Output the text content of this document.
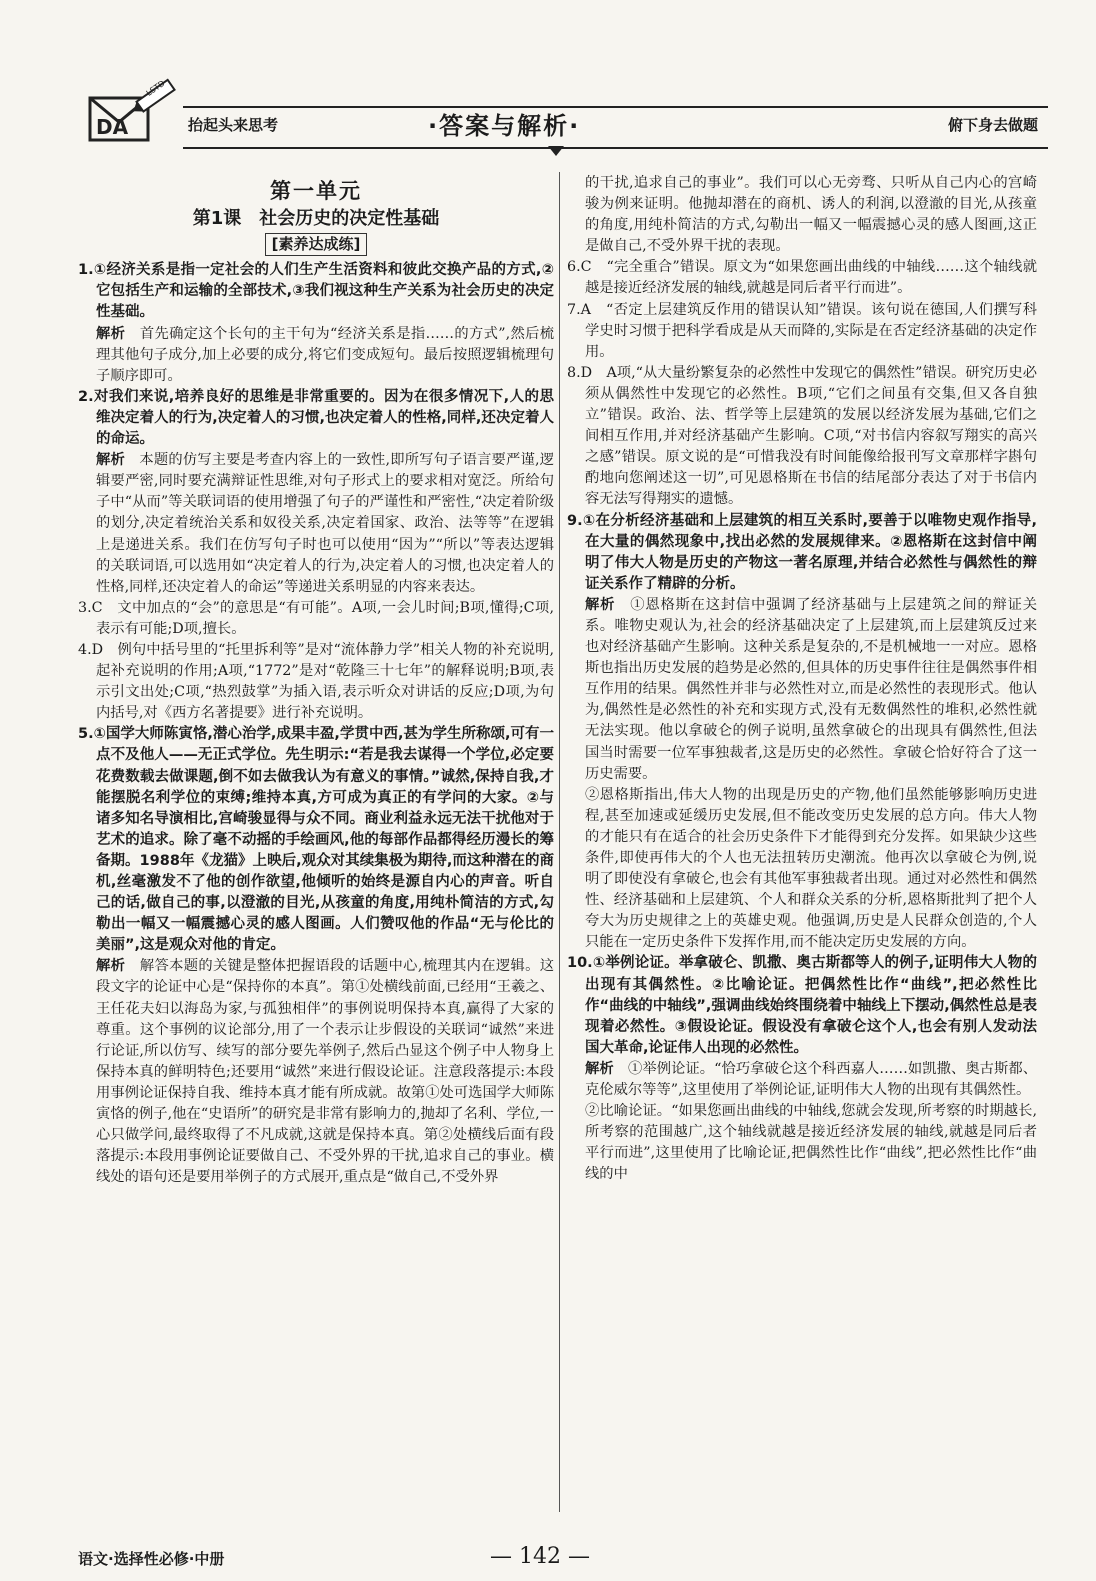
DA
LSTD
抬起头来思考	·答案与解析·	俯下身去做题
第一单元
第1课　社会历史的决定性基础
[素养达成练]

1.①经济关系是指一定社会的人们生产生活资料和彼此交换产品的方式,②它包括生产和运输的全部技术,③我们视这种生产关系为社会历史的决定性基础。

解析　首先确定这个长句的主干句为“经济关系是指……的方式”,然后梳理其他句子成分,加上必要的成分,将它们变成短句。最后按照逻辑梳理句子顺序即可。

2.对我们来说,培养良好的思维是非常重要的。因为在很多情况下,人的思维决定着人的行为,决定着人的习惯,也决定着人的性格,同样,还决定着人的命运。

解析　本题的仿写主要是考查内容上的一致性,即所写句子语言要严谨,逻辑要严密,同时要充满辩证性思维,对句子形式上的要求相对宽泛。所给句子中“从而”等关联词语的使用增强了句子的严谨性和严密性,“决定着阶级的划分,决定着统治关系和奴役关系,决定着国家、政治、法等等”在逻辑上是递进关系。我们在仿写句子时也可以使用“因为”“所以”等表达逻辑的关联词语,可以选用如“决定着人的行为,决定着人的习惯,也决定着人的性格,同样,还决定着人的命运”等递进关系明显的内容来表达。

3.C　文中加点的“会”的意思是“有可能”。A项,一会儿时间;B项,懂得;C项,表示有可能;D项,擅长。

4.D　例句中括号里的“托里拆利等”是对“流体静力学”相关人物的补充说明,起补充说明的作用;A项,“1772”是对“乾隆三十七年”的解释说明;B项,表示引文出处;C项,“热烈鼓掌”为插入语,表示听众对讲话的反应;D项,为句内括号,对《西方名著提要》进行补充说明。

5.①国学大师陈寅恪,潜心治学,成果丰盈,学贯中西,甚为学生所称颂,可有一点不及他人——无正式学位。先生明示:“若是我去谋得一个学位,必定要花费数载去做课题,倒不如去做我认为有意义的事情。”诚然,保持自我,才能摆脱名利学位的束缚;维持本真,方可成为真正的有学问的大家。②与诸多知名导演相比,宫崎骏显得与众不同。商业利益永远无法干扰他对于艺术的追求。除了毫不动摇的手绘画风,他的每部作品都得经历漫长的筹备期。1988年《龙猫》上映后,观众对其续集极为期待,而这种潜在的商机,丝毫激发不了他的创作欲望,他倾听的始终是源自内心的声音。听自己的话,做自己的事,以澄澈的目光,从孩童的角度,用纯朴简洁的方式,勾勒出一幅又一幅震撼心灵的感人图画。人们赞叹他的作品“无与伦比的美丽”,这是观众对他的肯定。

解析　解答本题的关键是整体把握语段的话题中心,梳理其内在逻辑。这段文字的论证中心是“保持你的本真”。第①处横线前面,已经用“王羲之、王任花夫妇以海岛为家,与孤独相伴”的事例说明保持本真,赢得了大家的尊重。这个事例的议论部分,用了一个表示让步假设的关联词“诚然”来进行论证,所以仿写、续写的部分要先举例子,然后凸显这个例子中人物身上保持本真的鲜明特色;还要用“诚然”来进行假设论证。注意段落提示:本段用事例论证保持自我、维持本真才能有所成就。故第①处可选国学大师陈寅恪的例子,他在“史语所”的研究是非常有影响力的,抛却了名利、学位,一心只做学问,最终取得了不凡成就,这就是保持本真。第②处横线后面有段落提示:本段用事例论证要做自己、不受外界的干扰,追求自己的事业。横线处的语句还是要用举例子的方式展开,重点是“做自己,不受外界

的干扰,追求自己的事业”。我们可以心无旁骛、只听从自己内心的宫崎骏为例来证明。他抛却潜在的商机、诱人的利润,以澄澈的目光,从孩童的角度,用纯朴简洁的方式,勾勒出一幅又一幅震撼心灵的感人图画,这正是做自己,不受外界干扰的表现。

6.C　“完全重合”错误。原文为“如果您画出曲线的中轴线……这个轴线就越是接近经济发展的轴线,就越是同后者平行而进”。

7.A　“否定上层建筑反作用的错误认知”错误。该句说在德国,人们撰写科学史时习惯于把科学看成是从天而降的,实际是在否定经济基础的决定作用。

8.D　A项,“从大量纷繁复杂的必然性中发现它的偶然性”错误。研究历史必须从偶然性中发现它的必然性。B项,“它们之间虽有交集,但又各自独立”错误。政治、法、哲学等上层建筑的发展以经济发展为基础,它们之间相互作用,并对经济基础产生影响。C项,“对书信内容叙写翔实的高兴之感”错误。原文说的是“可惜我没有时间能像给报刊写文章那样字斟句酌地向您阐述这一切”,可见恩格斯在书信的结尾部分表达了对于书信内容无法写得翔实的遗憾。

9.①在分析经济基础和上层建筑的相互关系时,要善于以唯物史观作指导,在大量的偶然现象中,找出必然的发展规律来。②恩格斯在这封信中阐明了伟大人物是历史的产物这一著名原理,并结合必然性与偶然性的辩证关系作了精辟的分析。

解析　①恩格斯在这封信中强调了经济基础与上层建筑之间的辩证关系。唯物史观认为,社会的经济基础决定了上层建筑,而上层建筑反过来也对经济基础产生影响。这种关系是复杂的,不是机械地一一对应。恩格斯也指出历史发展的趋势是必然的,但具体的历史事件往往是偶然事件相互作用的结果。偶然性并非与必然性对立,而是必然性的表现形式。他认为,偶然性是必然性的补充和实现方式,没有无数偶然性的堆积,必然性就无法实现。他以拿破仑的例子说明,虽然拿破仑的出现具有偶然性,但法国当时需要一位军事独裁者,这是历史的必然性。拿破仑恰好符合了这一历史需要。

②恩格斯指出,伟大人物的出现是历史的产物,他们虽然能够影响历史进程,甚至加速或延缓历史发展,但不能改变历史发展的总方向。伟大人物的才能只有在适合的社会历史条件下才能得到充分发挥。如果缺少这些条件,即使再伟大的个人也无法扭转历史潮流。他再次以拿破仑为例,说明了即使没有拿破仑,也会有其他军事独裁者出现。通过对必然性和偶然性、经济基础和上层建筑、个人和群众关系的分析,恩格斯批判了把个人夸大为历史规律之上的英雄史观。他强调,历史是人民群众创造的,个人只能在一定历史条件下发挥作用,而不能决定历史发展的方向。

10.①举例论证。举拿破仑、凯撒、奥古斯都等人的例子,证明伟大人物的出现有其偶然性。②比喻论证。把偶然性比作“曲线”,把必然性比作“曲线的中轴线”,强调曲线始终围绕着中轴线上下摆动,偶然性总是表现着必然性。③假设论证。假设没有拿破仑这个人,也会有别人发动法国大革命,论证伟人出现的必然性。

解析　①举例论证。“恰巧拿破仑这个科西嘉人……如凯撒、奥古斯都、克伦威尔等等”,这里使用了举例论证,证明伟大人物的出现有其偶然性。

②比喻论证。“如果您画出曲线的中轴线,您就会发现,所考察的时期越长,所考察的范围越广,这个轴线就越是接近经济发展的轴线,就越是同后者平行而进”,这里使用了比喻论证,把偶然性比作“曲线”,把必然性比作“曲线的中

语文·选择性必修·中册	— 142 —
